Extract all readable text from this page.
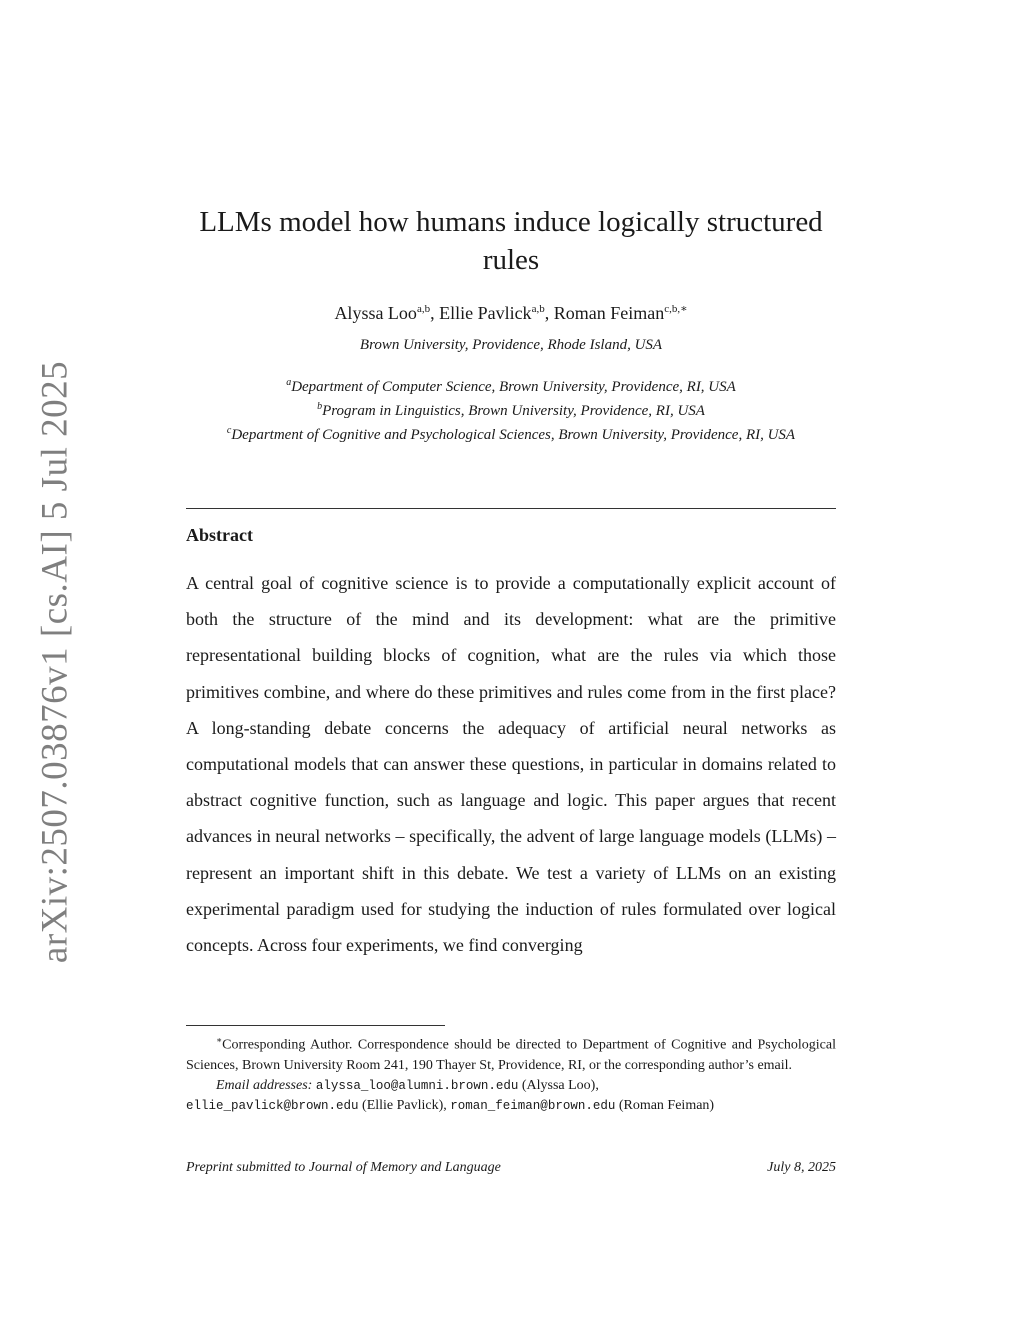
arXiv:2507.03876v1 [cs.AI] 5 Jul 2025
LLMs model how humans induce logically structured rules
Alyssa Loo$^{a,b}$, Ellie Pavlick$^{a,b}$, Roman Feiman$^{c,b,∗}$
Brown University, Providence, Rhode Island, USA
$^a$Department of Computer Science, Brown University, Providence, RI, USA
$^b$Program in Linguistics, Brown University, Providence, RI, USA
$^c$Department of Cognitive and Psychological Sciences, Brown University, Providence, RI, USA
Abstract

A central goal of cognitive science is to provide a computationally explicit account of both the structure of the mind and its development: what are the primitive representational building blocks of cognition, what are the rules via which those primitives combine, and where do these primitives and rules come from in the first place? A long-standing debate concerns the adequacy of artificial neural networks as computational models that can answer these questions, in particular in domains related to abstract cognitive function, such as language and logic. This paper argues that recent advances in neural networks – specifically, the advent of large language models (LLMs) – represent an important shift in this debate. We test a variety of LLMs on an existing experimental paradigm used for studying the induction of rules formulated over logical concepts. Across four experiments, we find converging

∗Corresponding Author. Correspondence should be directed to Department of Cognitive and Psychological Sciences, Brown University Room 241, 190 Thayer St, Providence, RI, or the corresponding author’s email.

Email addresses: alyssa_loo@alumni.brown.edu (Alyssa Loo),

ellie_pavlick@brown.edu (Ellie Pavlick), roman_feiman@brown.edu (Roman Feiman)

Preprint submitted to Journal of Memory and Language	July 8, 2025
